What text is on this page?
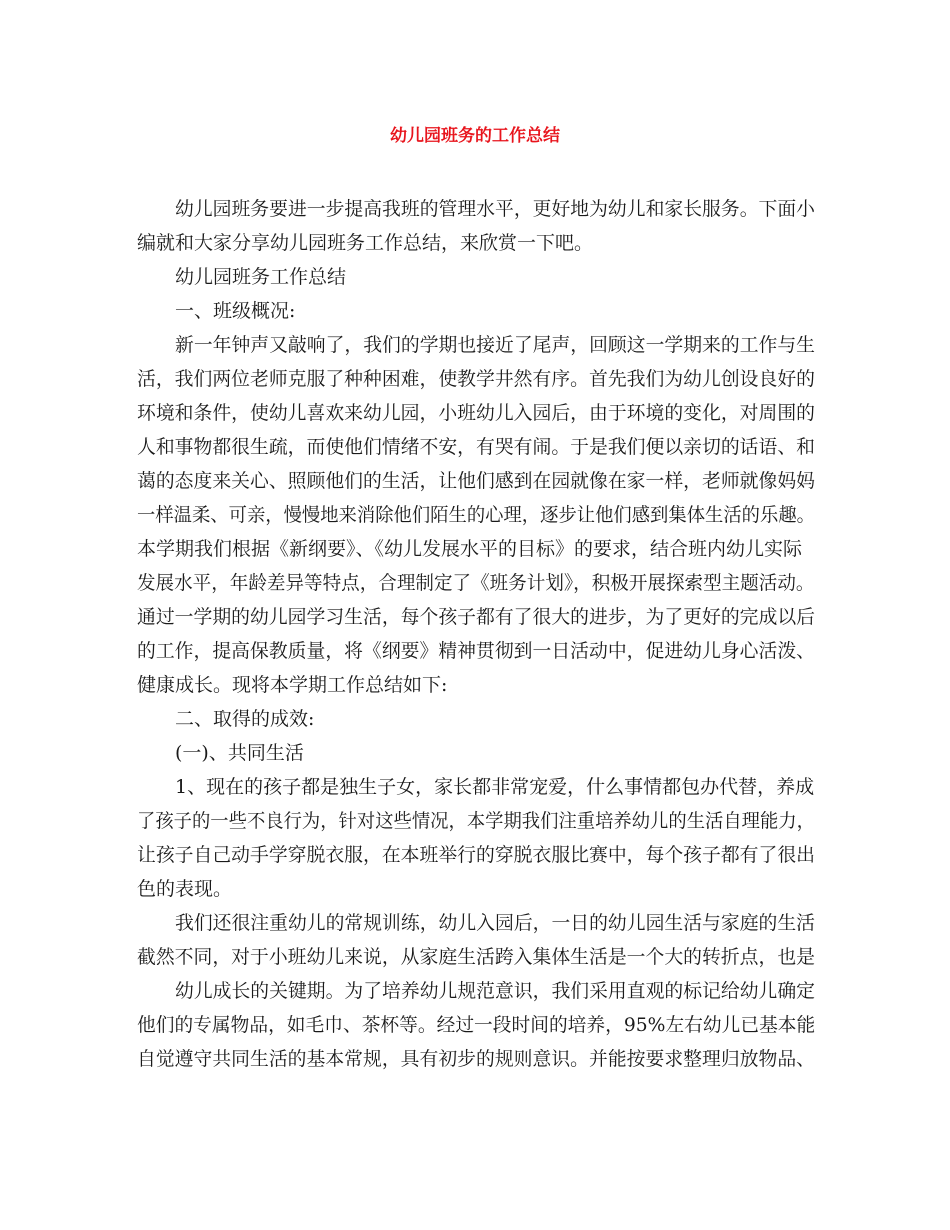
幼儿园班务的工作总结
幼儿园班务要进一步提高我班的管理水平，更好地为幼儿和家长服务。下面小
编就和大家分享幼儿园班务工作总结，来欣赏一下吧。
幼儿园班务工作总结
一、班级概况:
新一年钟声又敲响了，我们的学期也接近了尾声，回顾这一学期来的工作与生
活，我们两位老师克服了种种困难，使教学井然有序。首先我们为幼儿创设良好的
环境和条件，使幼儿喜欢来幼儿园，小班幼儿入园后，由于环境的变化，对周围的
人和事物都很生疏，而使他们情绪不安，有哭有闹。于是我们便以亲切的话语、和
蔼的态度来关心、照顾他们的生活，让他们感到在园就像在家一样，老师就像妈妈
一样温柔、可亲，慢慢地来消除他们陌生的心理，逐步让他们感到集体生活的乐趣。
本学期我们根据《新纲要》、《幼儿发展水平的目标》的要求，结合班内幼儿实际
发展水平，年龄差异等特点，合理制定了《班务计划》，积极开展探索型主题活动。
通过一学期的幼儿园学习生活，每个孩子都有了很大的进步，为了更好的完成以后
的工作，提高保教质量，将《纲要》精神贯彻到一日活动中，促进幼儿身心活泼、
健康成长。现将本学期工作总结如下:
二、取得的成效:
(一)、共同生活
1、现在的孩子都是独生子女，家长都非常宠爱，什么事情都包办代替，养成
了孩子的一些不良行为，针对这些情况，本学期我们注重培养幼儿的生活自理能力，
让孩子自己动手学穿脱衣服，在本班举行的穿脱衣服比赛中，每个孩子都有了很出
色的表现。
我们还很注重幼儿的常规训练，幼儿入园后，一日的幼儿园生活与家庭的生活
截然不同，对于小班幼儿来说，从家庭生活跨入集体生活是一个大的转折点，也是
幼儿成长的关键期。为了培养幼儿规范意识，我们采用直观的标记给幼儿确定
他们的专属物品，如毛巾、茶杯等。经过一段时间的培养，95%左右幼儿已基本能
自觉遵守共同生活的基本常规，具有初步的规则意识。并能按要求整理归放物品、
